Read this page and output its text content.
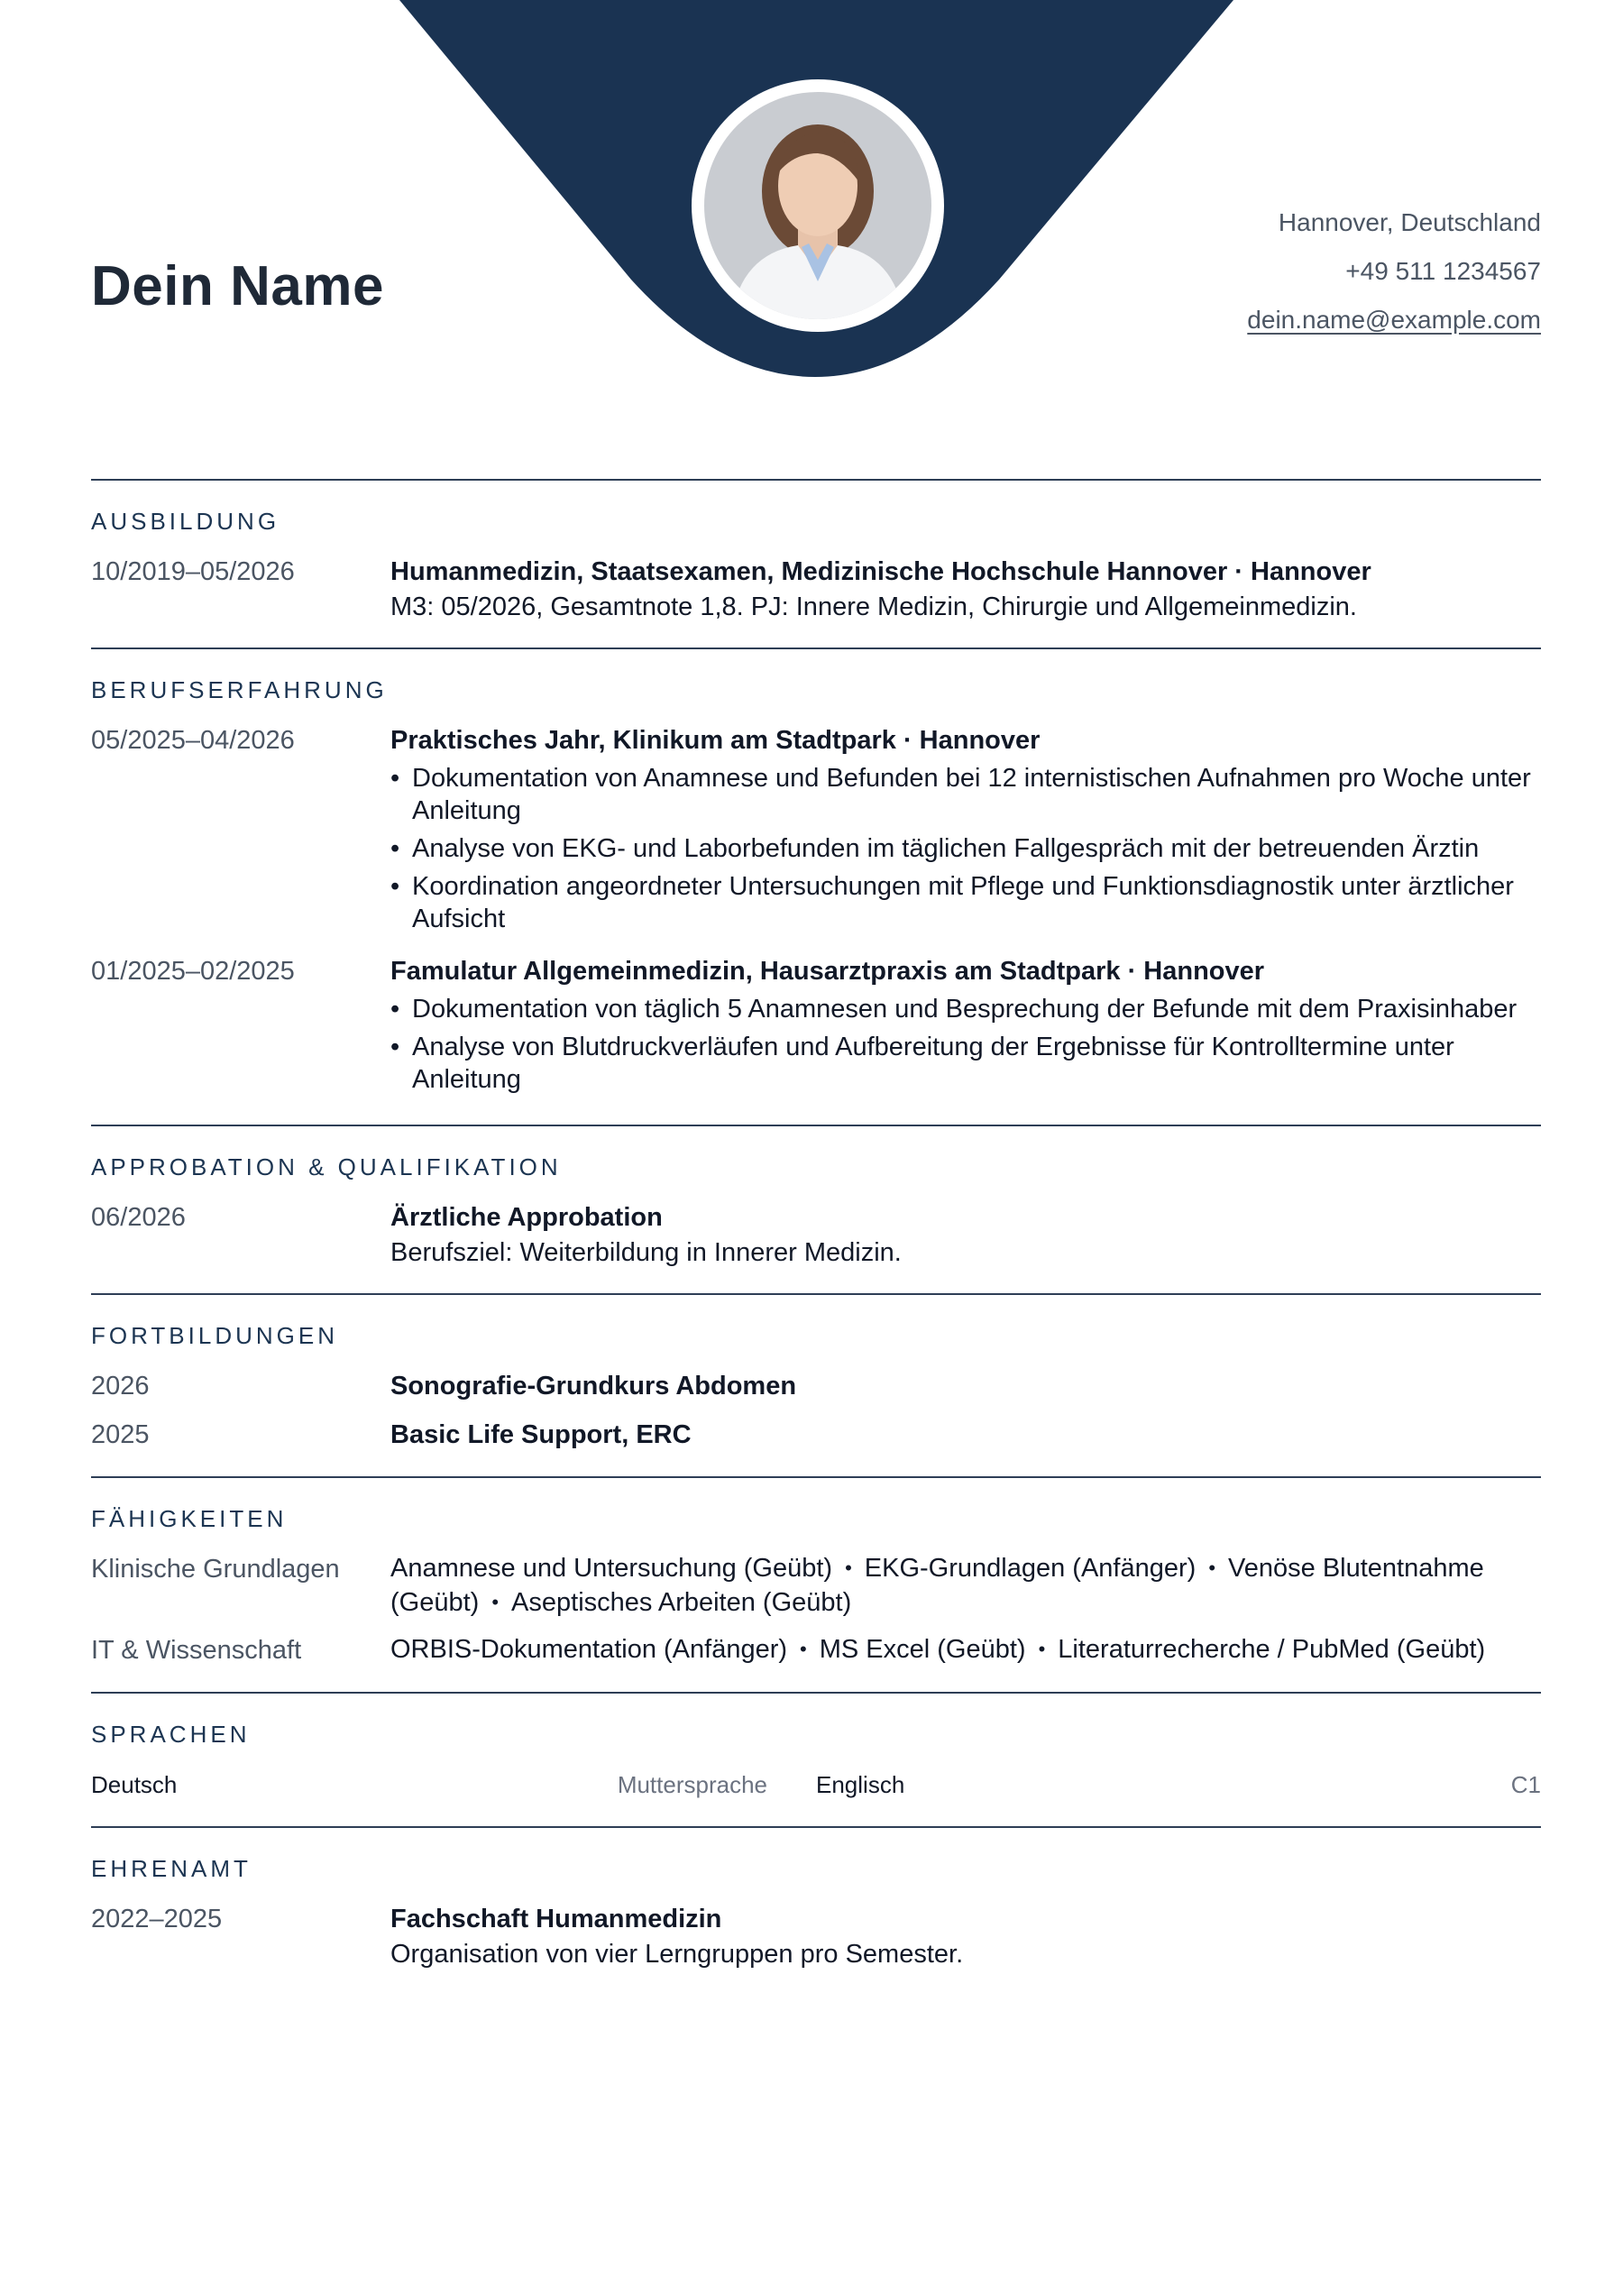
Dein Name
Hannover, Deutschland
+49 511 1234567
dein.name@example.com
AUSBILDUNG
10/2019–05/2026	Humanmedizin, Staatsexamen, Medizinische Hochschule Hannover · Hannover
M3: 05/2026, Gesamtnote 1,8. PJ: Innere Medizin, Chirurgie und Allgemeinmedizin.
BERUFSERFAHRUNG
05/2025–04/2026	Praktisches Jahr, Klinikum am Stadtpark · Hannover
• Dokumentation von Anamnese und Befunden bei 12 internistischen Aufnahmen pro Woche unter Anleitung
• Analyse von EKG- und Laborbefunden im täglichen Fallgespräch mit der betreuenden Ärztin
• Koordination angeordneter Untersuchungen mit Pflege und Funktionsdiagnostik unter ärztlicher Aufsicht
01/2025–02/2025	Famulatur Allgemeinmedizin, Hausarztpraxis am Stadtpark · Hannover
• Dokumentation von täglich 5 Anamnesen und Besprechung der Befunde mit dem Praxisinhaber
• Analyse von Blutdruckverläufen und Aufbereitung der Ergebnisse für Kontrolltermine unter Anleitung
APPROBATION & QUALIFIKATION
06/2026	Ärztliche Approbation
Berufsziel: Weiterbildung in Innerer Medizin.
FORTBILDUNGEN
2026	Sonografie-Grundkurs Abdomen
2025	Basic Life Support, ERC
FÄHIGKEITEN
Klinische Grundlagen	Anamnese und Untersuchung (Geübt) • EKG-Grundlagen (Anfänger) • Venöse Blutentnahme (Geübt) • Aseptisches Arbeiten (Geübt)
IT & Wissenschaft	ORBIS-Dokumentation (Anfänger) • MS Excel (Geübt) • Literaturrecherche / PubMed (Geübt)
SPRACHEN
Deutsch	Muttersprache Englisch	C1
EHRENAMT
2022–2025	Fachschaft Humanmedizin
Organisation von vier Lerngruppen pro Semester.
